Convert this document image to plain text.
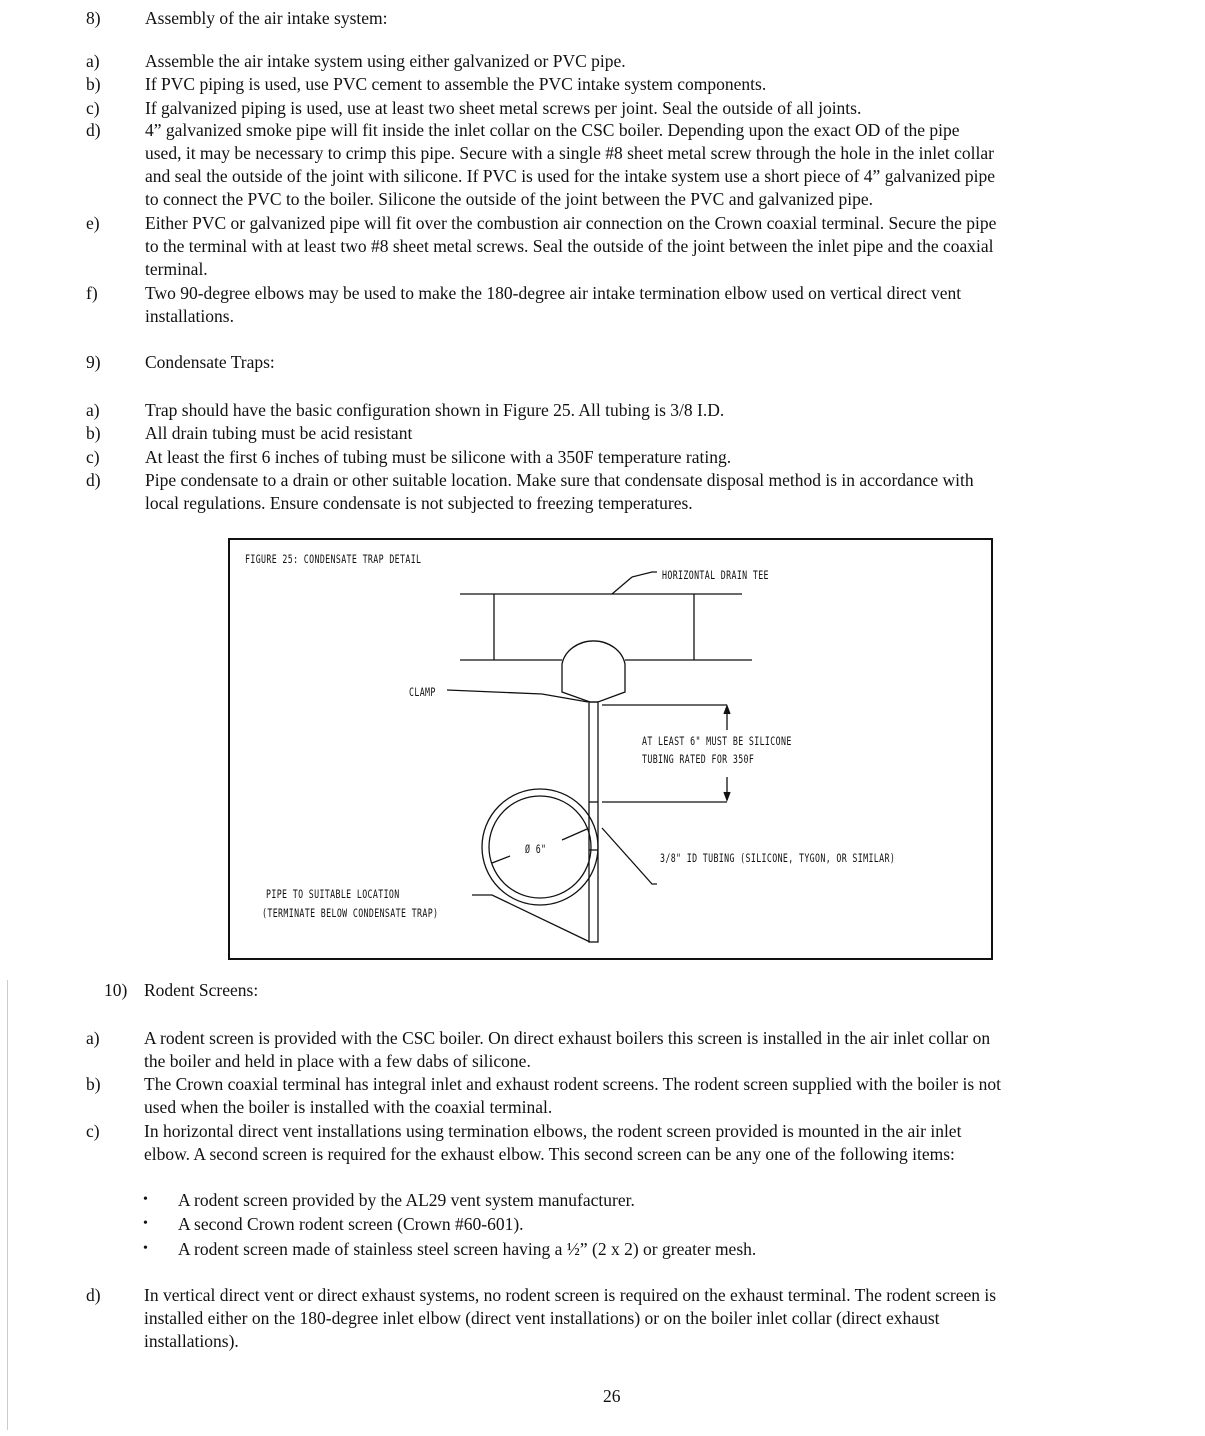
8)	Assembly of the air intake system:
a)	Assemble the air intake system using either galvanized or PVC pipe.
b)	If PVC piping is used, use PVC cement to assemble the PVC intake system components.
c)	If galvanized piping is used, use at least two sheet metal screws per joint. Seal the outside of all joints.
d)	4” galvanized smoke pipe will fit inside the inlet collar on the CSC boiler. Depending upon the exact OD of the pipe
used, it may be necessary to crimp this pipe. Secure with a single #8 sheet metal screw through the hole in the inlet collar
and seal the outside of the joint with silicone. If PVC is used for the intake system use a short piece of 4” galvanized pipe
to connect the PVC to the boiler. Silicone the outside of the joint between the PVC and galvanized pipe.
e)	Either PVC or galvanized pipe will fit over the combustion air connection on the Crown coaxial terminal. Secure the pipe
to the terminal with at least two #8 sheet metal screws. Seal the outside of the joint between the inlet pipe and the coaxial
terminal.
f)	Two 90-degree elbows may be used to make the 180-degree air intake termination elbow used on vertical direct vent
installations.
9)	Condensate Traps:
a)	Trap should have the basic configuration shown in Figure 25. All tubing is 3/8 I.D.
b)	All drain tubing must be acid resistant
c)	At least the first 6 inches of tubing must be silicone with a 350F temperature rating.
d)	Pipe condensate to a drain or other suitable location. Make sure that condensate disposal method is in accordance with
local regulations. Ensure condensate is not subjected to freezing temperatures.
10) Rodent Screens:
a)	A rodent screen is provided with the CSC boiler. On direct exhaust boilers this screen is installed in the air inlet collar on
the boiler and held in place with a few dabs of silicone.
b) The Crown coaxial terminal has integral inlet and exhaust rodent screens. The rodent screen supplied with the boiler is not
used when the boiler is installed with the coaxial terminal.
c)	In horizontal direct vent installations using termination elbows, the rodent screen provided is mounted in the air inlet
elbow. A second screen is required for the exhaust elbow. This second screen can be any one of the following items:
• A rodent screen provided by the AL29 vent system manufacturer.
• A second Crown rodent screen (Crown #60-601).
• A rodent screen made of stainless steel screen having a ½” (2 x 2) or greater mesh.
d) In vertical direct vent or direct exhaust systems, no rodent screen is required on the exhaust terminal. The rodent screen is
installed either on the 180-degree inlet elbow (direct vent installations) or on the boiler inlet collar (direct exhaust
installations).
FIGURE 25: CONDENSATE TRAP DETAIL
HORIZONTAL DRAIN TEE
CLAMP
AT LEAST 6" MUST BE SILICONE
TUBING RATED FOR 350F
Ø 6"
3/8" ID TUBING (SILICONE, TYGON, OR SIMILAR)
PIPE TO SUITABLE LOCATION
(TERMINATE BELOW CONDENSATE TRAP)
26
